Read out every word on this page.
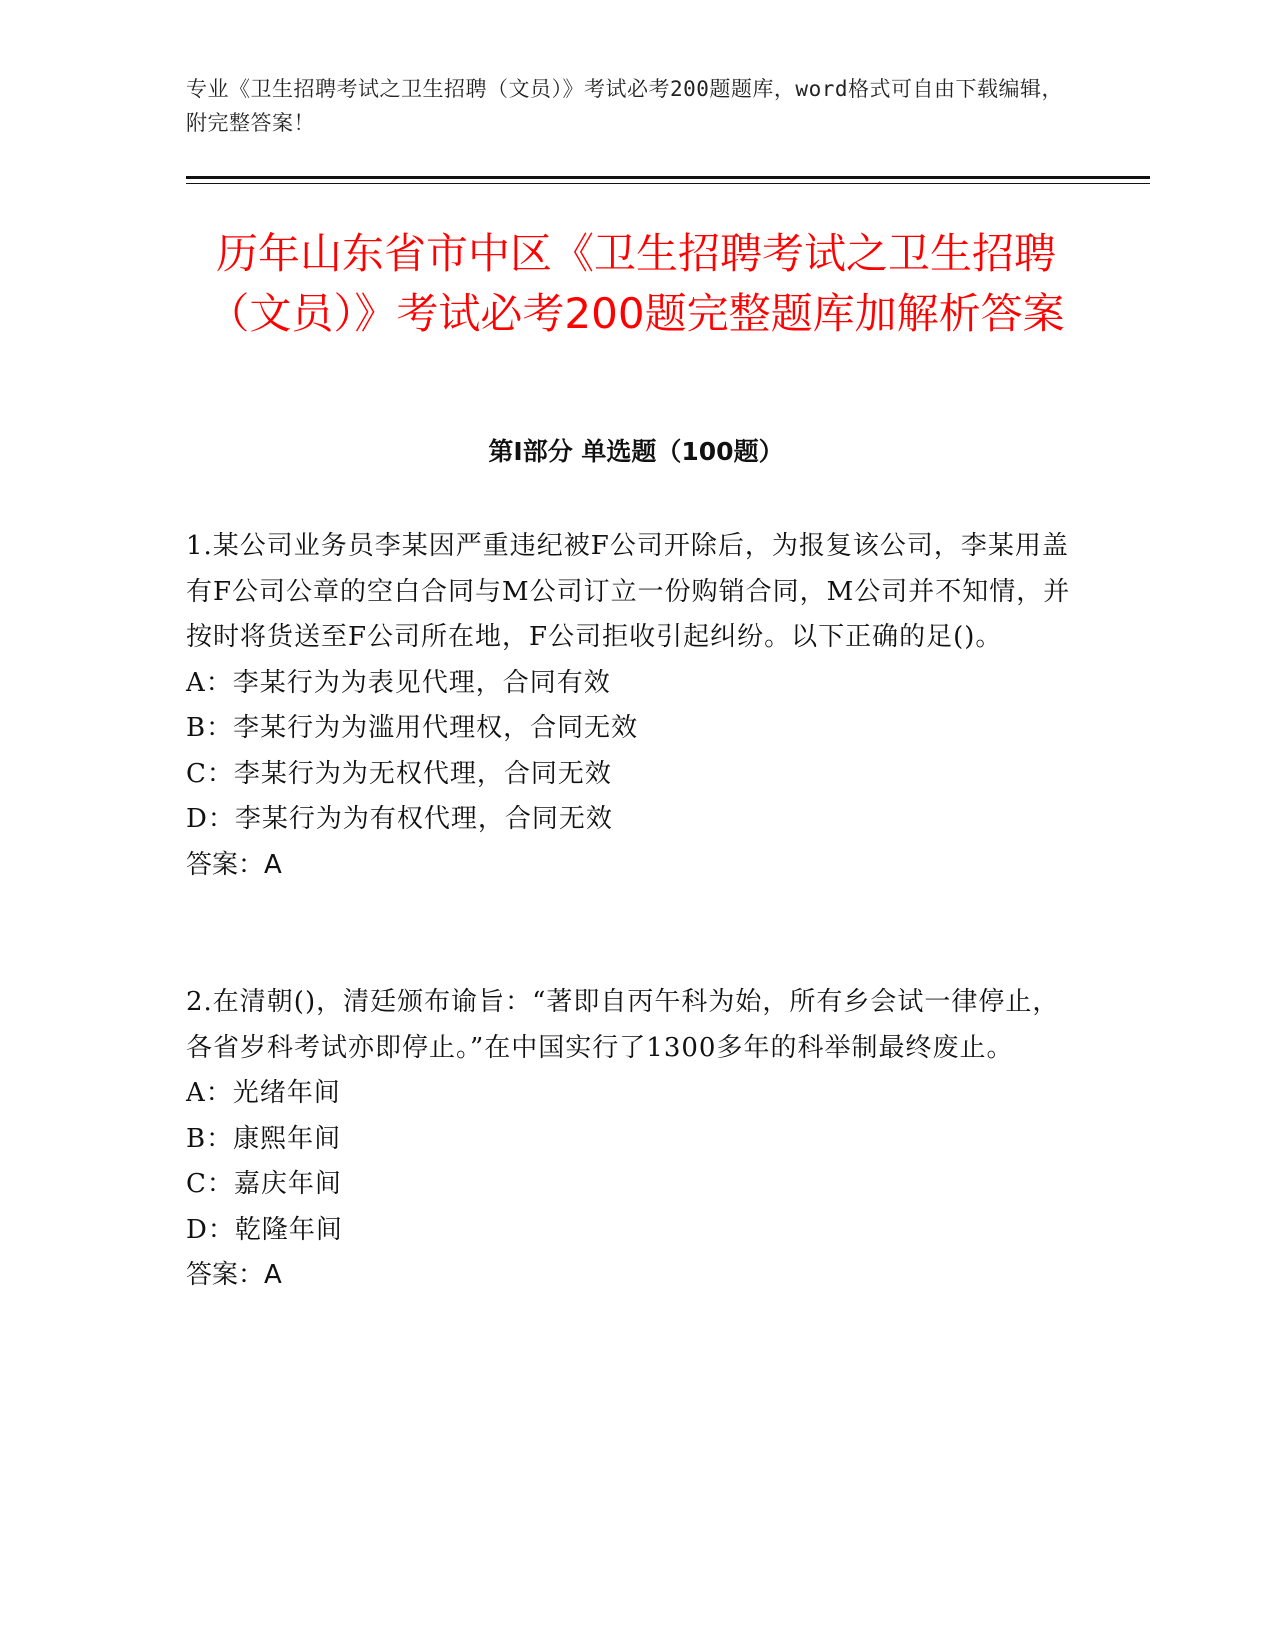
专业《卫生招聘考试之卫生招聘（文员）》考试必考200题题库，word格式可自由下载编辑，附完整答案！
历年山东省市中区《卫生招聘考试之卫生招聘（文员）》考试必考200题完整题库加解析答案
第Ⅰ部分 单选题（100题）

1.某公司业务员李某因严重违纪被F公司开除后，为报复该公司，李某用盖有F公司公章的空白合同与M公司订立一份购销合同，M公司并不知情，并按时将货送至F公司所在地，F公司拒收引起纠纷。以下正确的足()。

A：李某行为为表见代理，合同有效

B：李某行为为滥用代理权，合同无效

C：李某行为为无权代理，合同无效

D：李某行为为有权代理，合同无效

答案：A

2.在清朝()，清廷颁布谕旨：“著即自丙午科为始，所有乡会试一律停止，各省岁科考试亦即停止。”在中国实行了1300多年的科举制最终废止。

A：光绪年间

B：康熙年间

C：嘉庆年间

D：乾隆年间

答案：A
